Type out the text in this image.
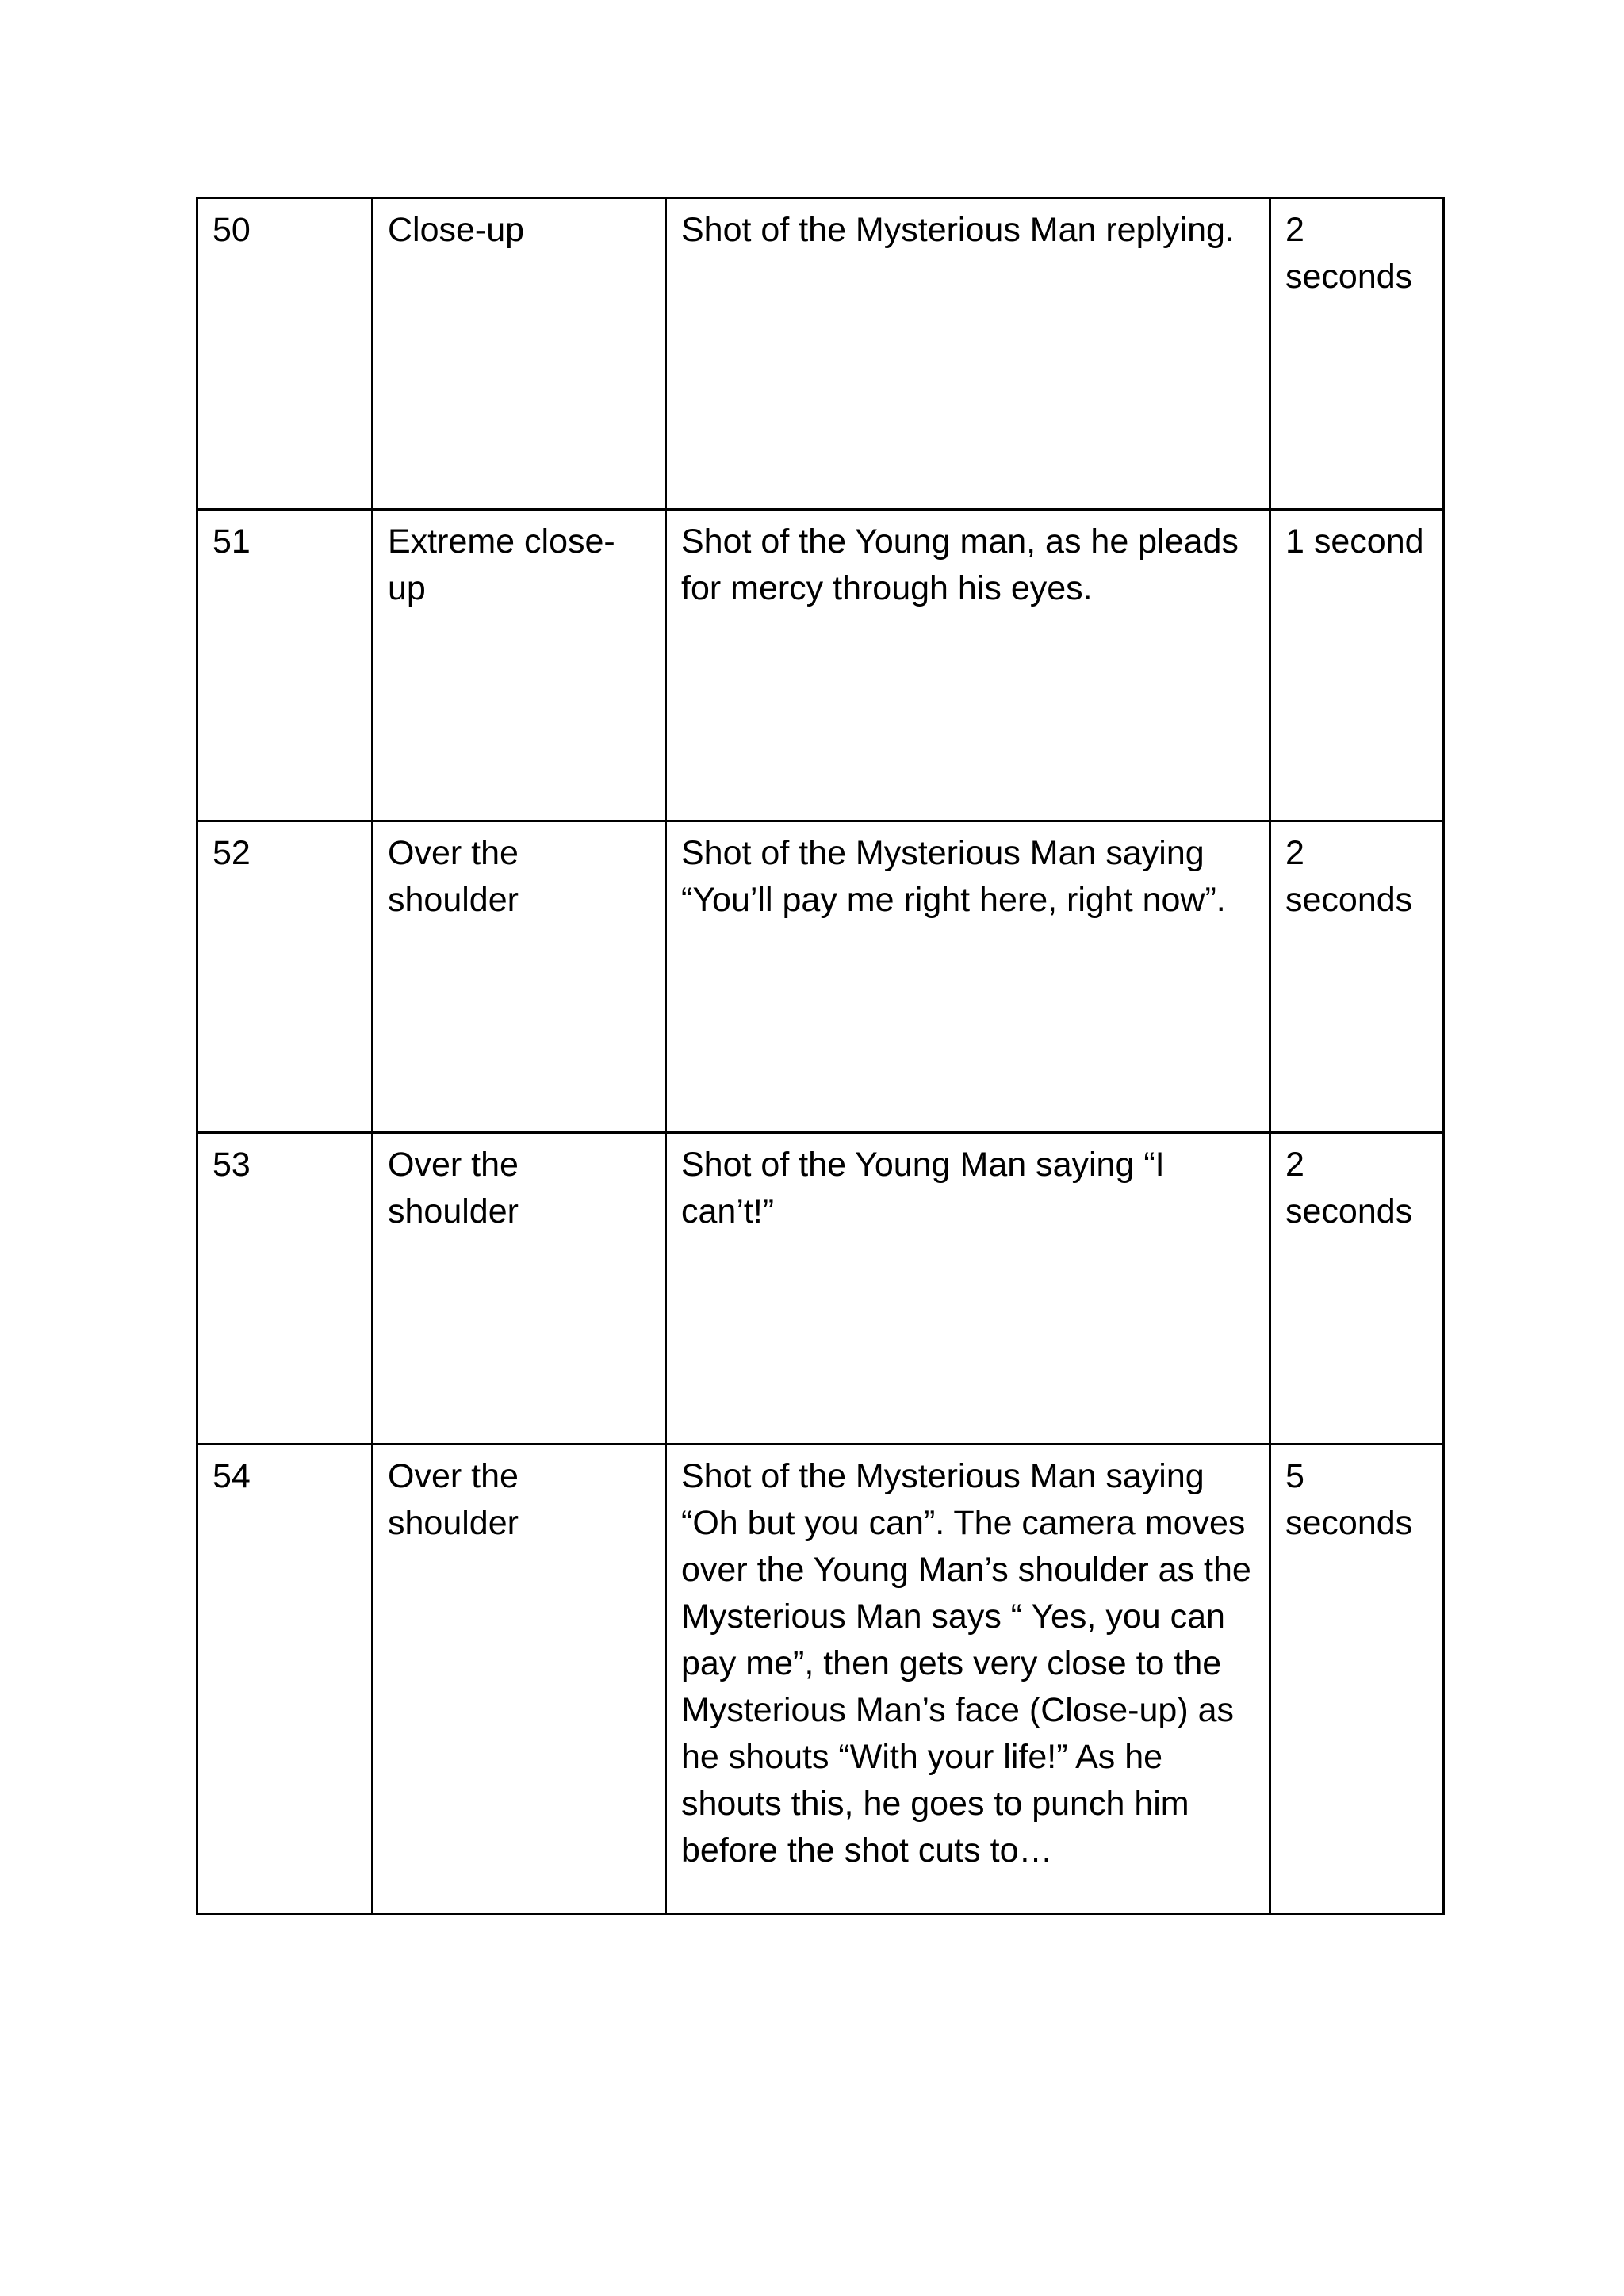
50	Close-up	Shot of the Mysterious Man replying.	2 seconds
51	Extreme close-up	Shot of the Young man, as he pleads for mercy through his eyes.	1 second
52	Over the shoulder	Shot of the Mysterious Man saying “You’ll pay me right here, right now”.	2 seconds
53	Over the shoulder	Shot of the Young Man saying “I can’t!”	2 seconds
54	Over the shoulder	Shot of the Mysterious Man saying “Oh but you can”. The camera moves over the Young Man’s shoulder as the Mysterious Man says “ Yes, you can pay me”, then gets very close to the Mysterious Man’s face (Close-up) as he shouts “With your life!” As he shouts this, he goes to punch him before the shot cuts to…	5 seconds
